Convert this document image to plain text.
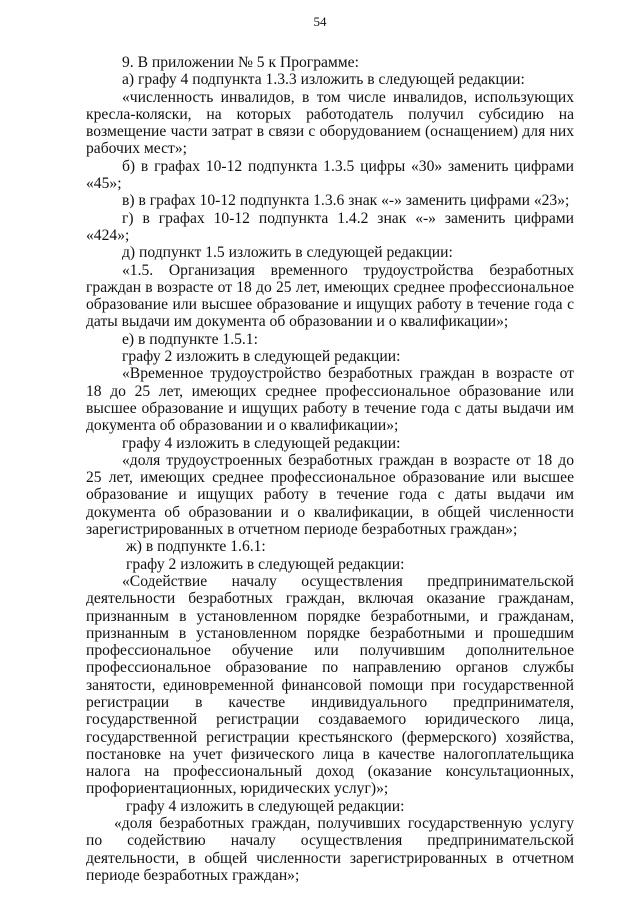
54

9. В приложении № 5 к Программе:

а) графу 4 подпункта 1.3.3 изложить в следующей редакции:

«численность инвалидов, в том числе инвалидов, использующих кресла-коляски, на которых работодатель получил субсидию на возмещение части затрат в связи с оборудованием (оснащением) для них рабочих мест»;

б) в графах 10-12 подпункта 1.3.5 цифры «30» заменить цифрами «45»;

в) в графах 10-12 подпункта 1.3.6 знак «-» заменить цифрами «23»;

г) в графах 10-12 подпункта 1.4.2 знак «-» заменить цифрами «424»;

д) подпункт 1.5 изложить в следующей редакции:

«1.5. Организация временного трудоустройства безработных граждан в возрасте от 18 до 25 лет, имеющих среднее профессиональное образование или высшее образование и ищущих работу в течение года с даты выдачи им документа об образовании и о квалификации»;

е) в подпункте 1.5.1:

графу 2 изложить в следующей редакции:

«Временное трудоустройство безработных граждан в возрасте от 18 до 25 лет, имеющих среднее профессиональное образование или высшее образование и ищущих работу в течение года с даты выдачи им документа об образовании и о квалификации»;

графу 4 изложить в следующей редакции:

«доля трудоустроенных безработных граждан в возрасте от 18 до 25 лет, имеющих среднее профессиональное образование или высшее образование и ищущих работу в течение года с даты выдачи им документа об образовании и о квалификации, в общей численности зарегистрированных в отчетном периоде безработных граждан»;

ж) в подпункте 1.6.1:

графу 2 изложить в следующей редакции:

«Содействие началу осуществления предпринимательской деятельности безработных граждан, включая оказание гражданам, признанным в установленном порядке безработными, и гражданам, признанным в установленном порядке безработными и прошедшим профессиональное обучение или получившим дополнительное профессиональное образование по направлению органов службы занятости, единовременной финансовой помощи при государственной регистрации в качестве индивидуального предпринимателя, государственной регистрации создаваемого юридического лица, государственной регистрации крестьянского (фермерского) хозяйства, постановке на учет физического лица в качестве налогоплательщика налога на профессиональный доход (оказание консультационных, профориентационных, юридических услуг)»;

графу 4 изложить в следующей редакции:

«доля безработных граждан, получивших государственную услугу по содействию началу осуществления предпринимательской деятельности, в общей численности зарегистрированных в отчетном периоде безработных граждан»;
